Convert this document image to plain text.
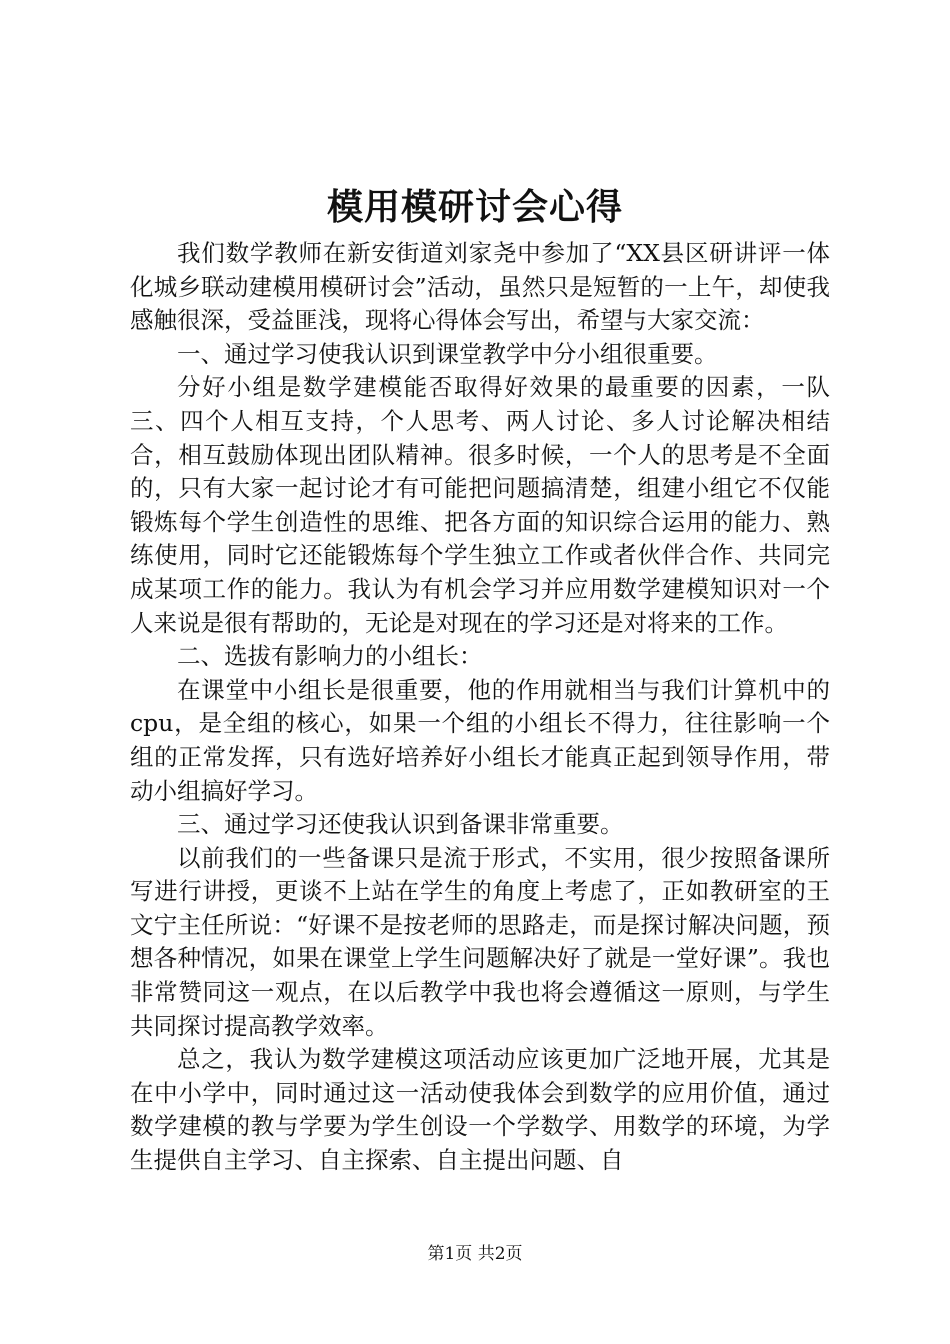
模用模研讨会心得

我们数学教师在新安街道刘家尧中参加了“XX县区研讲评一体化城乡联动建模用模研讨会”活动，虽然只是短暂的一上午，却使我感触很深，受益匪浅，现将心得体会写出，希望与大家交流：

一、通过学习使我认识到课堂教学中分小组很重要。

分好小组是数学建模能否取得好效果的最重要的因素，一队三、四个人相互支持，个人思考、两人讨论、多人讨论解决相结合，相互鼓励体现出团队精神。很多时候，一个人的思考是不全面的，只有大家一起讨论才有可能把问题搞清楚，组建小组它不仅能锻炼每个学生创造性的思维、把各方面的知识综合运用的能力、熟练使用，同时它还能锻炼每个学生独立工作或者伙伴合作、共同完成某项工作的能力。我认为有机会学习并应用数学建模知识对一个人来说是很有帮助的，无论是对现在的学习还是对将来的工作。

二、选拔有影响力的小组长：

在课堂中小组长是很重要，他的作用就相当与我们计算机中的cpu，是全组的核心，如果一个组的小组长不得力，往往影响一个组的正常发挥，只有选好培养好小组长才能真正起到领导作用，带动小组搞好学习。

三、通过学习还使我认识到备课非常重要。

以前我们的一些备课只是流于形式，不实用，很少按照备课所写进行讲授，更谈不上站在学生的角度上考虑了，正如教研室的王文宁主任所说：“好课不是按老师的思路走，而是探讨解决问题，预想各种情况，如果在课堂上学生问题解决好了就是一堂好课”。我也非常赞同这一观点，在以后教学中我也将会遵循这一原则，与学生共同探讨提高教学效率。

总之，我认为数学建模这项活动应该更加广泛地开展，尤其是在中小学中，同时通过这一活动使我体会到数学的应用价值，通过数学建模的教与学要为学生创设一个学数学、用数学的环境，为学生提供自主学习、自主探索、自主提出问题、自

第1页 共2页
